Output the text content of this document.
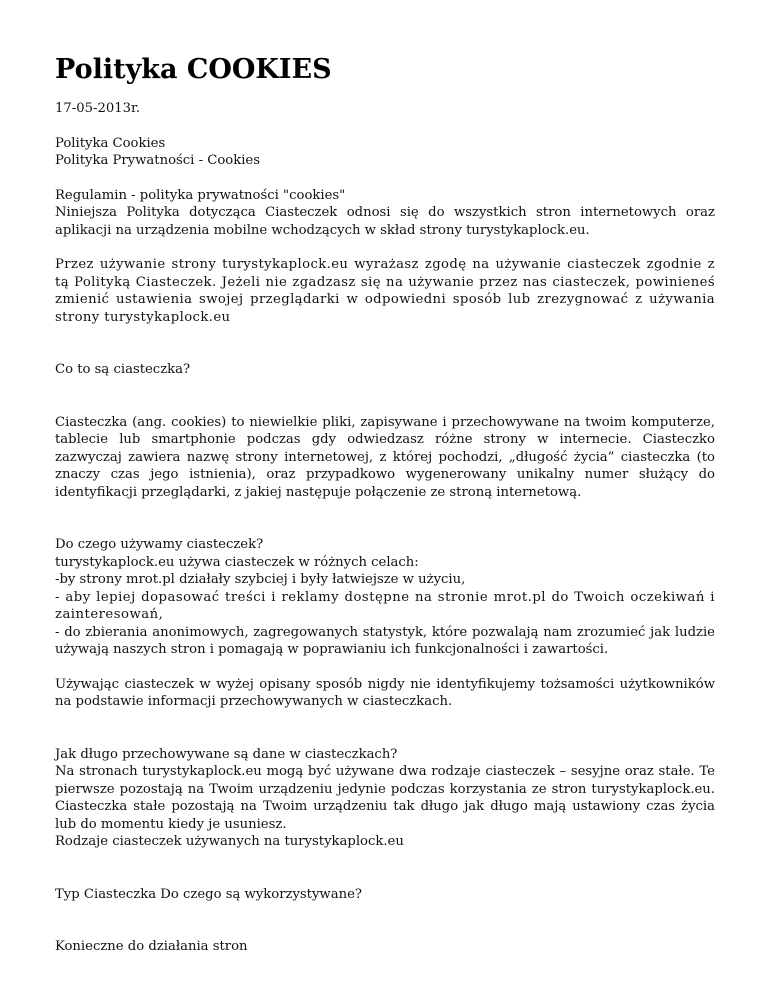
Polityka COOKIES

17-05-2013r.

Polityka Cookies
Polityka Prywatności - Cookies

Regulamin - polityka prywatności "cookies"
Niniejsza Polityka dotycząca Ciasteczek odnosi się do wszystkich stron internetowych oraz aplikacji na urządzenia mobilne wchodzących w skład strony turystykaplock.eu.

Przez używanie strony turystykaplock.eu wyrażasz zgodę na używanie ciasteczek zgodnie z tą Polityką Ciasteczek. Jeżeli nie zgadzasz się na używanie przez nas ciasteczek, powinieneś zmienić ustawienia swojej przeglądarki w odpowiedni sposób lub zrezygnować z używania strony turystykaplock.eu

Co to są ciasteczka?

Ciasteczka (ang. cookies) to niewielkie pliki, zapisywane i przechowywane na twoim komputerze, tablecie lub smartphonie podczas gdy odwiedzasz różne strony w internecie. Ciasteczko zazwyczaj zawiera nazwę strony internetowej, z której pochodzi, „długość życia” ciasteczka (to znaczy czas jego istnienia), oraz przypadkowo wygenerowany unikalny numer służący do identyfikacji przeglądarki, z jakiej następuje połączenie ze stroną internetową.

Do czego używamy ciasteczek?
turystykaplock.eu używa ciasteczek w różnych celach:
-by strony mrot.pl działały szybciej i były łatwiejsze w użyciu,
- aby lepiej dopasować treści i reklamy dostępne na stronie mrot.pl do Twoich oczekiwań i zainteresowań,
- do zbierania anonimowych, zagregowanych statystyk, które pozwalają nam zrozumieć jak ludzie używają naszych stron i pomagają w poprawianiu ich funkcjonalności i zawartości.

Używając ciasteczek w wyżej opisany sposób nigdy nie identyfikujemy tożsamości użytkowników na podstawie informacji przechowywanych w ciasteczkach.

Jak długo przechowywane są dane w ciasteczkach?
Na stronach turystykaplock.eu mogą być używane dwa rodzaje ciasteczek – sesyjne oraz stałe. Te pierwsze pozostają na Twoim urządzeniu jedynie podczas korzystania ze stron turystykaplock.eu. Ciasteczka stałe pozostają na Twoim urządzeniu tak długo jak długo mają ustawiony czas życia lub do momentu kiedy je usuniesz.
Rodzaje ciasteczek używanych na turystykaplock.eu

Typ Ciasteczka Do czego są wykorzystywane?

Konieczne do działania stron
